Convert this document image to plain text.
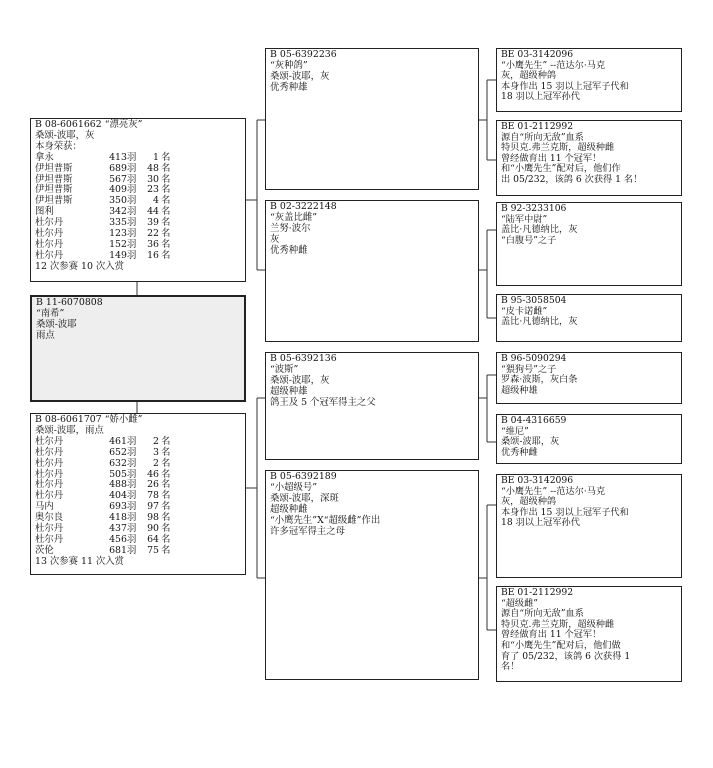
B 08-6061662 “漂亮灰”
桑颂-波耶，灰
本身荣获：
拿永	413 羽	1 名
伊坦普斯	689 羽	48 名
伊坦普斯	567 羽	30 名
伊坦普斯	409 羽	23 名
伊坦普斯	350 羽	4 名
图利	342 羽	44 名
杜尔丹	335 羽	39 名
杜尔丹	123 羽	22 名
杜尔丹	152 羽	36 名
杜尔丹	149 羽	16 名
12 次参赛 10 次入赏
B 11-6070808
“南希”
桑颂-波耶
雨点
B 08-6061707 “娇小雌”
桑颂-波耶，雨点
杜尔丹	461 羽	2 名
杜尔丹	652 羽	3 名
杜尔丹	632 羽	2 名
杜尔丹	505 羽	46 名
杜尔丹	488 羽	26 名
杜尔丹	404 羽	78 名
马内	693 羽	97 名
奥尔良	418 羽	98 名
杜尔丹	437 羽	90 名
杜尔丹	456 羽	64 名
茨伦	681 羽	75 名
13 次参赛 11 次入赏
B 05-6392236
“灰种鸽”
桑颂-波耶，灰
优秀种雄
B 02-3222148
“灰盖比雌”
兰努·波尔
灰
优秀种雌
B 05-6392136
“波斯”
桑颂-波耶，灰
超级种雄
鸽王及 5 个冠军得主之父
B 05-6392189
“小超级号”
桑颂-波耶，深斑
超级种雌
“小鹰先生”X“超级雌”作出
许多冠军得主之母
BE 03-3142096
“小鹰先生” --范达尔·马克
灰，超级种鸽
本身作出 15 羽以上冠军子代和
18 羽以上冠军孙代
BE 01-2112992
源自“所向无敌”血系
特贝克.弗兰克斯，超级种雌
曾经做育出 11 个冠军！
和“小鹰先生”配对后，他们作
出 05/232，该鸽 6 次获得 1 名！
B 92-3233106
“陆军中尉”
盖比·凡德纳比，灰
“白腹号”之子
B 95-3058504
“皮卡诺雌”
盖比·凡德纳比，灰
B 96-5090294
“猥狗号”之子
罗森·波斯，灰白条
超级种雄
B 04-4316659
“维尼”
桑颂-波耶，灰
优秀种雌
BE 03-3142096
“小鹰先生” --范达尔·马克
灰，超级种鸽
本身作出 15 羽以上冠军子代和
18 羽以上冠军孙代
BE 01-2112992
“超级雌”
源自“所向无敌”血系
特贝克.弗兰克斯，超级种雌
曾经做育出 11 个冠军！
和“小鹰先生”配对后，他们做
育了 05/232，该鸽 6 次获得 1
名！
